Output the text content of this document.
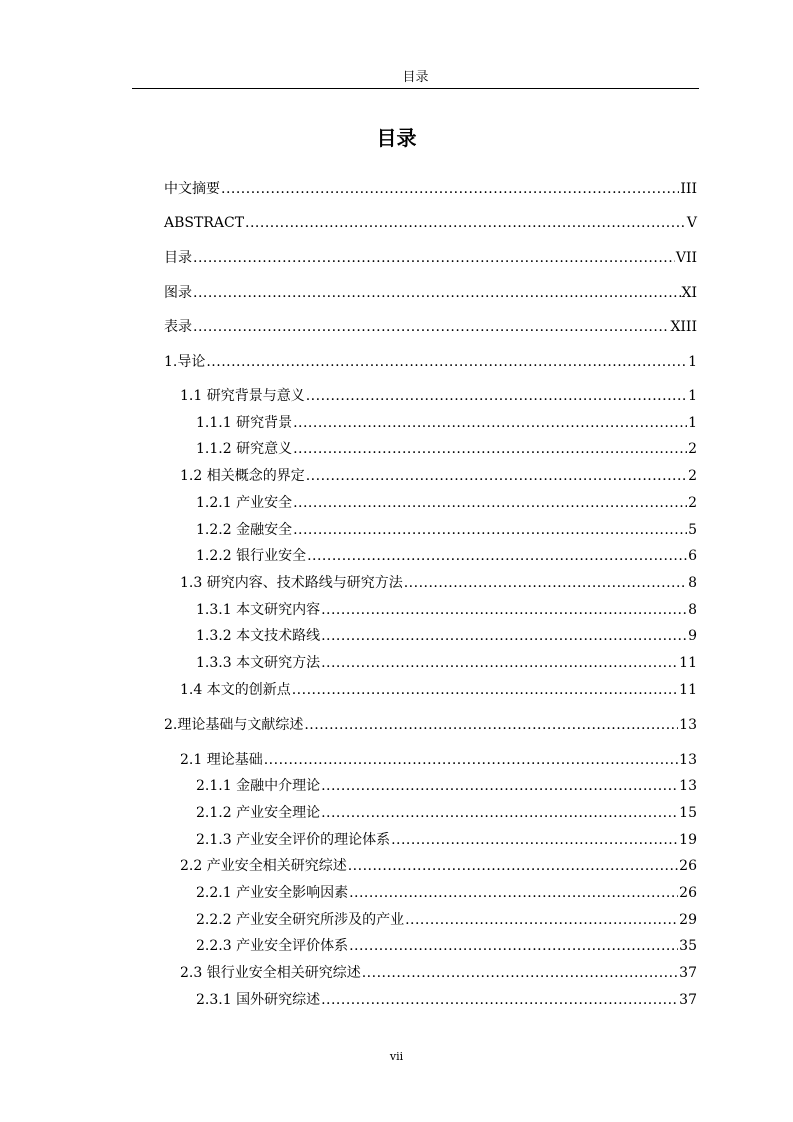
目录
目录
中文摘要 .....	III
ABSTRACT .....	V
目录 .....	VII
图录 .....	XI
表录 .....	XIII
1.导论 .....	1
1.1 研究背景与意义 .....	1
1.1.1 研究背景 .....	1
1.1.2 研究意义 .....	2
1.2 相关概念的界定 .....	2
1.2.1 产业安全 .....	2
1.2.2 金融安全 .....	5
1.2.2 银行业安全 .....	6
1.3 研究内容、技术路线与研究方法 .....	8
1.3.1 本文研究内容 .....	8
1.3.2 本文技术路线 .....	9
1.3.3 本文研究方法 .....	11
1.4 本文的创新点 .....	11
2.理论基础与文献综述 .....	13
2.1 理论基础 .....	13
2.1.1 金融中介理论 .....	13
2.1.2 产业安全理论 .....	15
2.1.3 产业安全评价的理论体系 .....	19
2.2 产业安全相关研究综述 .....	26
2.2.1 产业安全影响因素 .....	26
2.2.2 产业安全研究所涉及的产业 .....	29
2.2.3 产业安全评价体系 .....	35
2.3 银行业安全相关研究综述 .....	37
2.3.1 国外研究综述 .....	37
vii
